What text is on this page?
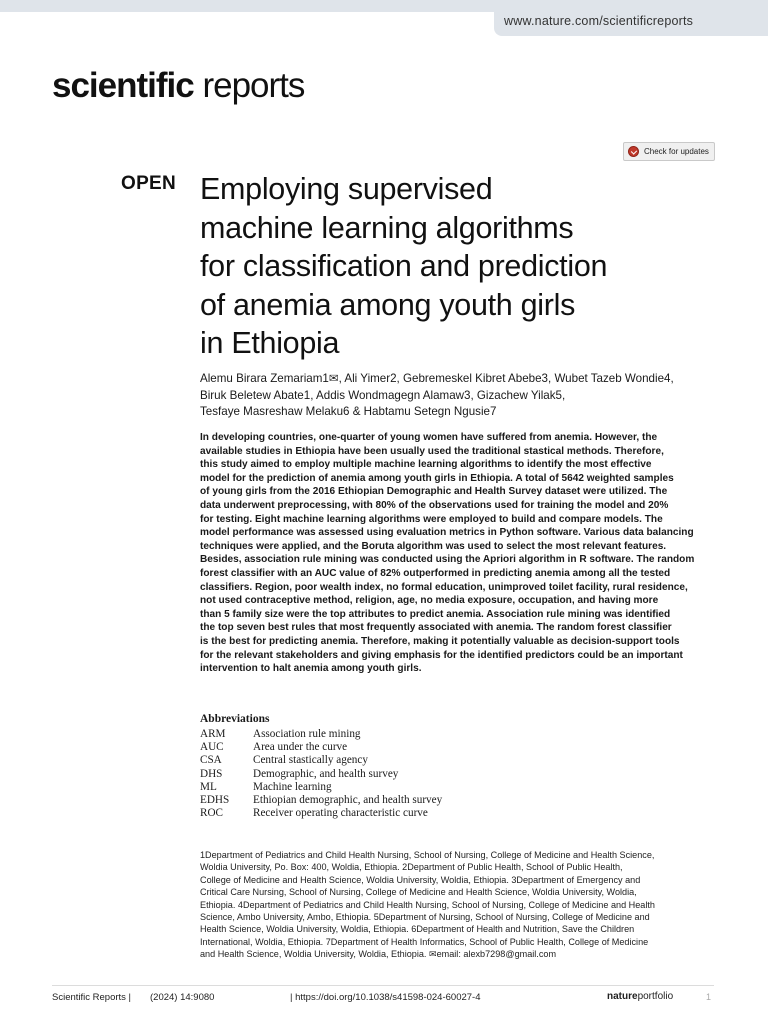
www.nature.com/scientificreports
scientific reports
Check for updates
OPEN Employing supervised
machine learning algorithms
for classification and prediction
of anemia among youth girls
in Ethiopia
Alemu Birara Zemariam1✉, Ali Yimer2, Gebremeskel Kibret Abebe3, Wubet Tazeb Wondie4,
Biruk Beletew Abate1, Addis Wondmagegn Alamaw3, Gizachew Yilak5,
Tesfaye Masreshaw Melaku6 & Habtamu Setegn Ngusie7
In developing countries, one-quarter of young women have suffered from anemia. However, the
available studies in Ethiopia have been usually used the traditional stastical methods. Therefore,
this study aimed to employ multiple machine learning algorithms to identify the most effective
model for the prediction of anemia among youth girls in Ethiopia. A total of 5642 weighted samples
of young girls from the 2016 Ethiopian Demographic and Health Survey dataset were utilized. The
data underwent preprocessing, with 80% of the observations used for training the model and 20%
for testing. Eight machine learning algorithms were employed to build and compare models. The
model performance was assessed using evaluation metrics in Python software. Various data balancing
techniques were applied, and the Boruta algorithm was used to select the most relevant features.
Besides, association rule mining was conducted using the Apriori algorithm in R software. The random
forest classifier with an AUC value of 82% outperformed in predicting anemia among all the tested
classifiers. Region, poor wealth index, no formal education, unimproved toilet facility, rural residence,
not used contraceptive method, religion, age, no media exposure, occupation, and having more
than 5 family size were the top attributes to predict anemia. Association rule mining was identified
the top seven best rules that most frequently associated with anemia. The random forest classifier
is the best for predicting anemia. Therefore, making it potentially valuable as decision-support tools
for the relevant stakeholders and giving emphasis for the identified predictors could be an important
intervention to halt anemia among youth girls.
Abbreviations
ARM Association rule mining
AUC	Area under the curve
CSA	Central stastically agency
DHS	Demographic, and health survey
ML	Machine learning
EDHS Ethiopian demographic, and health survey
ROC	Receiver operating characteristic curve
1Department of Pediatrics and Child Health Nursing, School of Nursing, College of Medicine and Health Science,
Woldia University, Po. Box: 400, Woldia, Ethiopia. 2Department of Public Health, School of Public Health,
College of Medicine and Health Science, Woldia University, Woldia, Ethiopia. 3Department of Emergency and
Critical Care Nursing, School of Nursing, College of Medicine and Health Science, Woldia University, Woldia,
Ethiopia. 4Department of Pediatrics and Child Health Nursing, School of Nursing, College of Medicine and Health
Science, Ambo University, Ambo, Ethiopia. 5Department of Nursing, School of Nursing, College of Medicine and
Health Science, Woldia University, Woldia, Ethiopia. 6Department of Health and Nutrition, Save the Children
International, Woldia, Ethiopia. 7Department of Health Informatics, School of Public Health, College of Medicine
and Health Science, Woldia University, Woldia, Ethiopia. ✉email: alexb7298@gmail.com
Scientific Reports | (2024) 14:9080	| https://doi.org/10.1038/s41598-024-60027-4	natureportfolio	1
